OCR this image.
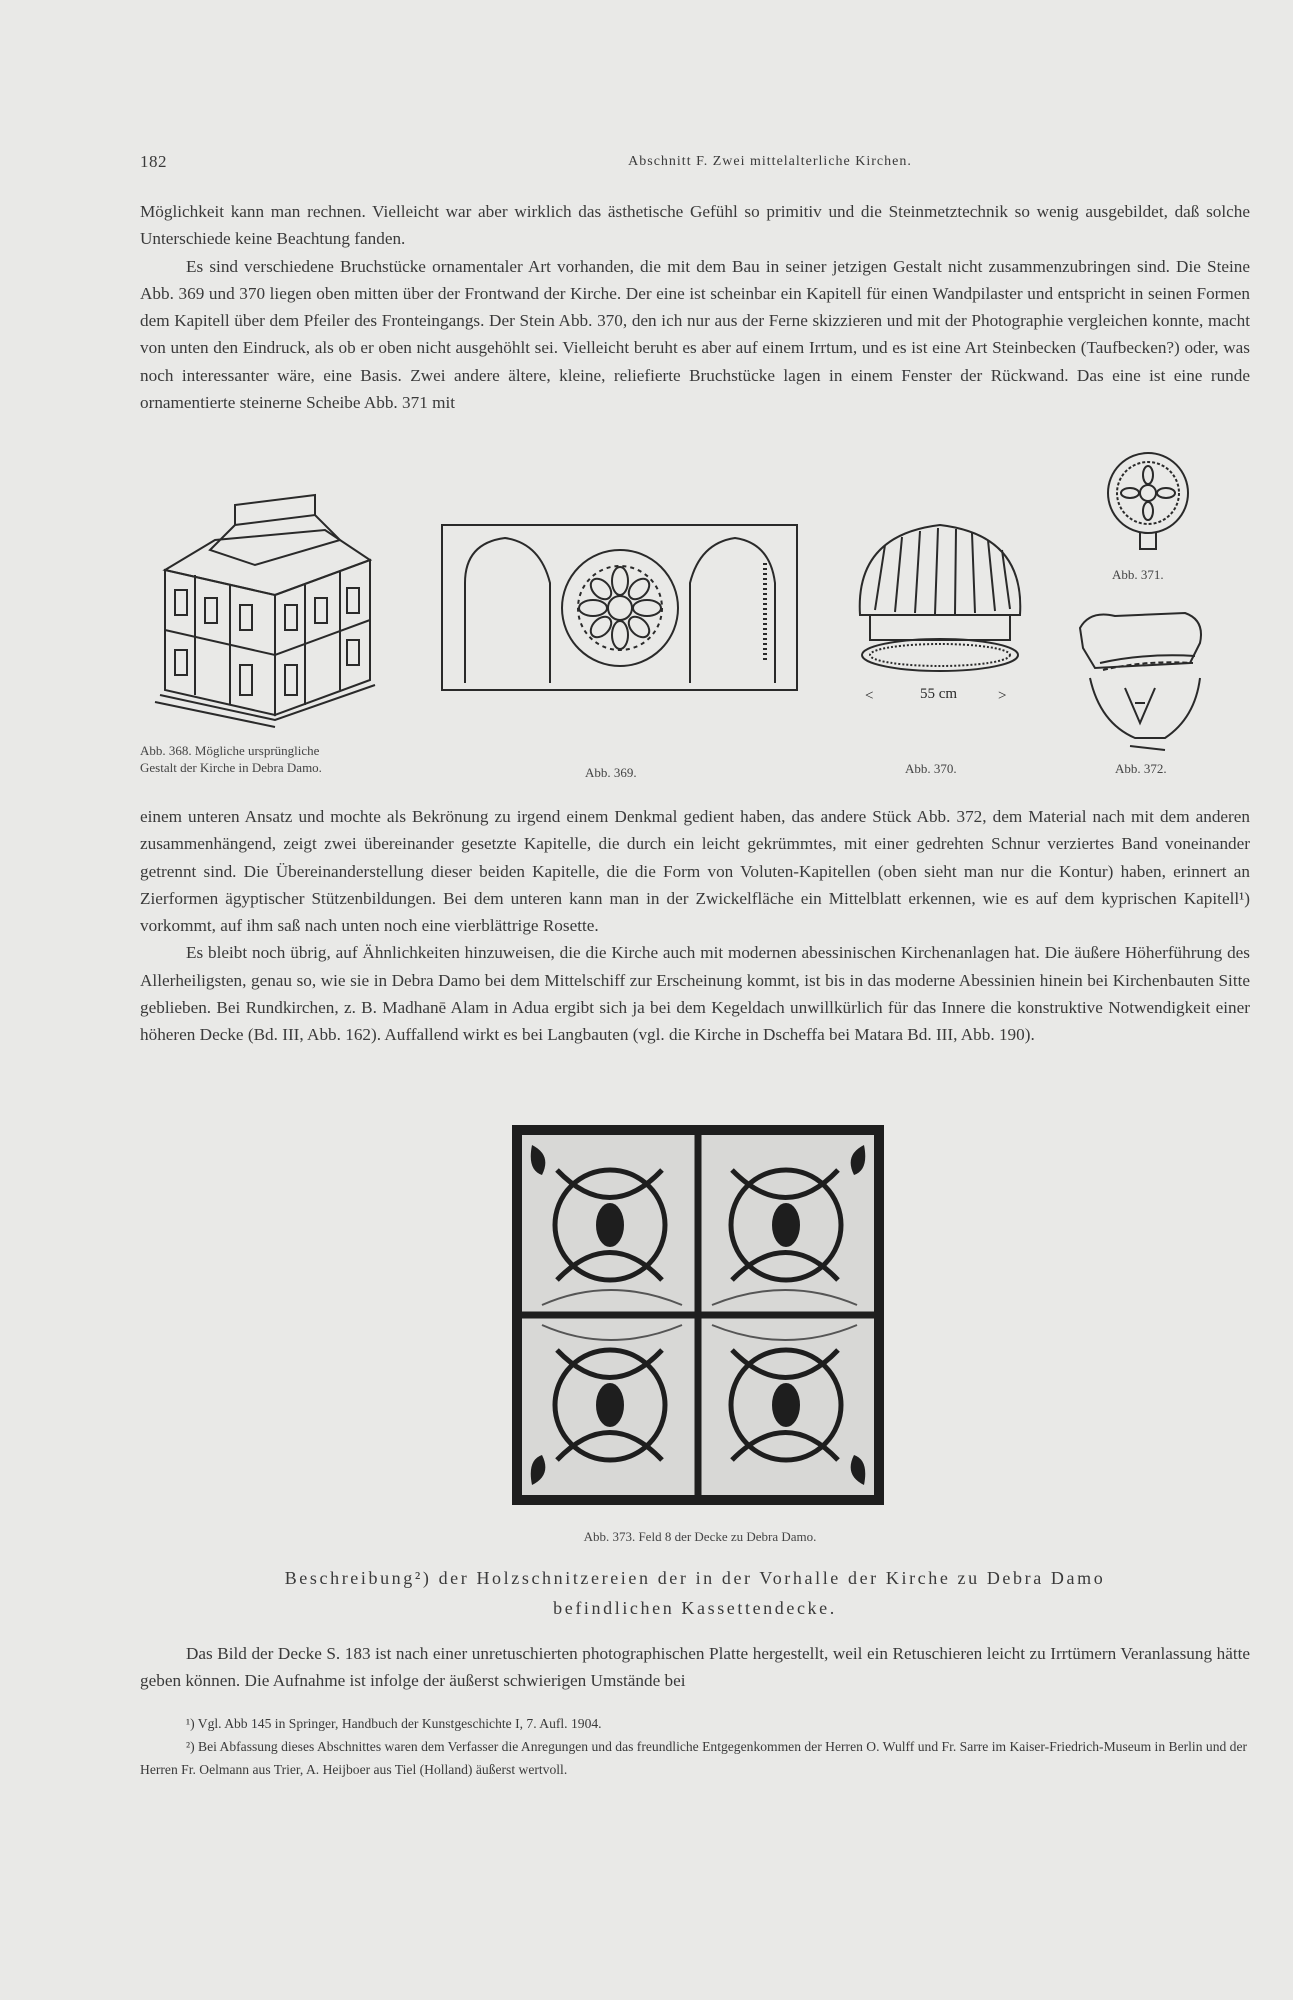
182	Abschnitt F. Zwei mittelalterliche Kirchen.

Möglichkeit kann man rechnen. Vielleicht war aber wirklich das ästhetische Gefühl so primitiv und die Steinmetztechnik so wenig ausgebildet, daß solche Unterschiede keine Beachtung fanden.

Es sind verschiedene Bruchstücke ornamentaler Art vorhanden, die mit dem Bau in seiner jetzigen Gestalt nicht zusammenzubringen sind. Die Steine Abb. 369 und 370 liegen oben mitten über der Frontwand der Kirche. Der eine ist scheinbar ein Kapitell für einen Wandpilaster und entspricht in seinen Formen dem Kapitell über dem Pfeiler des Fronteingangs. Der Stein Abb. 370, den ich nur aus der Ferne skizzieren und mit der Photographie vergleichen konnte, macht von unten den Eindruck, als ob er oben nicht ausgehöhlt sei. Vielleicht beruht es aber auf einem Irrtum, und es ist eine Art Steinbecken (Taufbecken?) oder, was noch interessanter wäre, eine Basis. Zwei andere ältere, kleine, reliefierte Bruchstücke lagen in einem Fenster der Rückwand. Das eine ist eine runde ornamentierte steinerne Scheibe Abb. 371 mit

Abb. 368. Mögliche ursprüngliche
Gestalt der Kirche in Debra Damo.	Abb. 369.
<	55 cm	>
Abb. 370.
Abb. 371.
Abb. 372.

einem unteren Ansatz und mochte als Bekrönung zu irgend einem Denkmal gedient haben, das andere Stück Abb. 372, dem Material nach mit dem anderen zusammenhängend, zeigt zwei übereinander gesetzte Kapitelle, die durch ein leicht gekrümmtes, mit einer gedrehten Schnur verziertes Band voneinander getrennt sind. Die Übereinanderstellung dieser beiden Kapitelle, die die Form von Voluten-Kapitellen (oben sieht man nur die Kontur) haben, erinnert an Zierformen ägyptischer Stützenbildungen. Bei dem unteren kann man in der Zwickelfläche ein Mittelblatt erkennen, wie es auf dem kyprischen Kapitell¹) vorkommt, auf ihm saß nach unten noch eine vierblättrige Rosette.

Es bleibt noch übrig, auf Ähnlichkeiten hinzuweisen, die die Kirche auch mit modernen abessinischen Kirchenanlagen hat. Die äußere Höherführung des Allerheiligsten, genau so, wie sie in Debra Damo bei dem Mittelschiff zur Erscheinung kommt, ist bis in das moderne Abessinien hinein bei Kirchenbauten Sitte geblieben. Bei Rundkirchen, z. B. Madhanē Alam in Adua ergibt sich ja bei dem Kegeldach unwillkürlich für das Innere die konstruktive Notwendigkeit einer höheren Decke (Bd. III, Abb. 162). Auffallend wirkt es bei Langbauten (vgl. die Kirche in Dscheffa bei Matara Bd. III, Abb. 190).

Abb. 373. Feld 8 der Decke zu Debra Damo.
Beschreibung²) der Holzschnitzereien der in der Vorhalle der Kirche zu Debra Damo
befindlichen Kassettendecke.

Das Bild der Decke S. 183 ist nach einer unretuschierten photographischen Platte hergestellt, weil ein Retuschieren leicht zu Irrtümern Veranlassung hätte geben können. Die Aufnahme ist infolge der äußerst schwierigen Umstände bei

¹) Vgl. Abb 145 in Springer, Handbuch der Kunstgeschichte I, 7. Aufl. 1904.

²) Bei Abfassung dieses Abschnittes waren dem Verfasser die Anregungen und das freundliche Entgegenkommen der Herren O. Wulff und Fr. Sarre im Kaiser-Friedrich-Museum in Berlin und der Herren Fr. Oelmann aus Trier, A. Heijboer aus Tiel (Holland) äußerst wertvoll.
